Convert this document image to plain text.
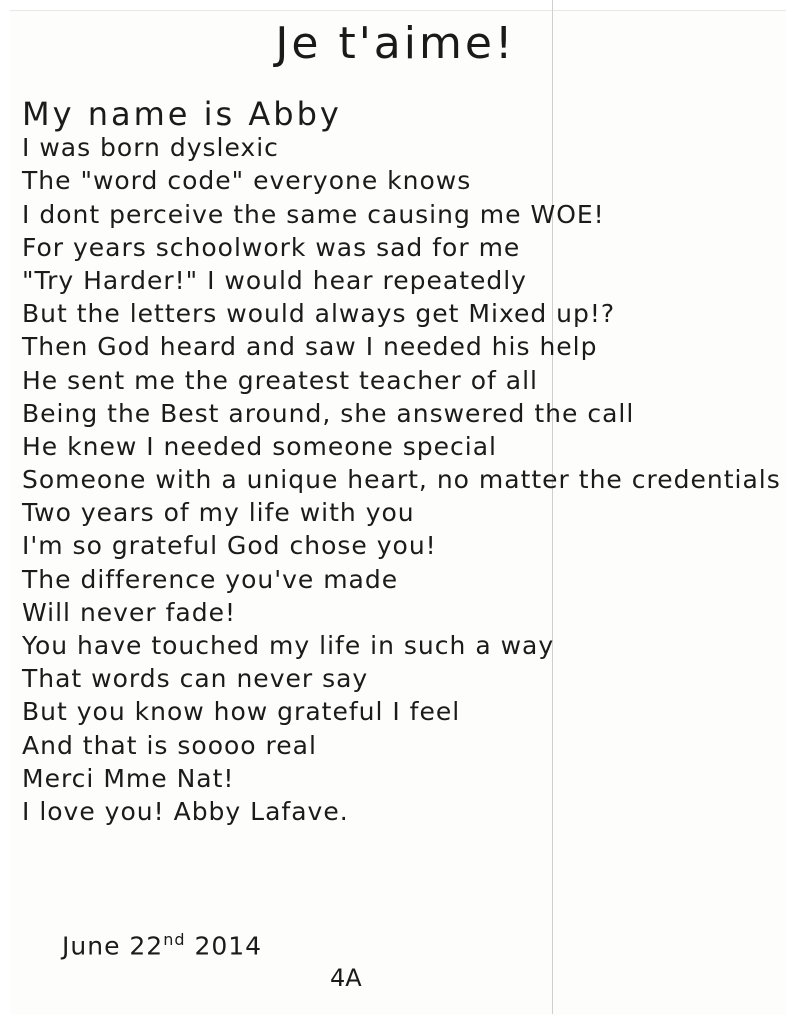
Je t'aime!
My name is Abby
I was born dyslexic
The "word code" everyone knows
I dont perceive the same causing me WOE!
For years schoolwork was sad for me
"Try Harder!" I would hear repeatedly
But the letters would always get Mixed up!?
Then God heard and saw I needed his help
He sent me the greatest teacher of all
Being the Best around, she answered the call
He knew I needed someone special
Someone with a unique heart, no matter the credentials
Two years of my life with you
I'm so grateful God chose you!
The difference you've made
Will never fade!
You have touched my life in such a way
That words can never say
But you know how grateful I feel
And that is soooo real
Merci Mme Nat!
I love you! Abby Lafave.
June 22nd 2014
4A
